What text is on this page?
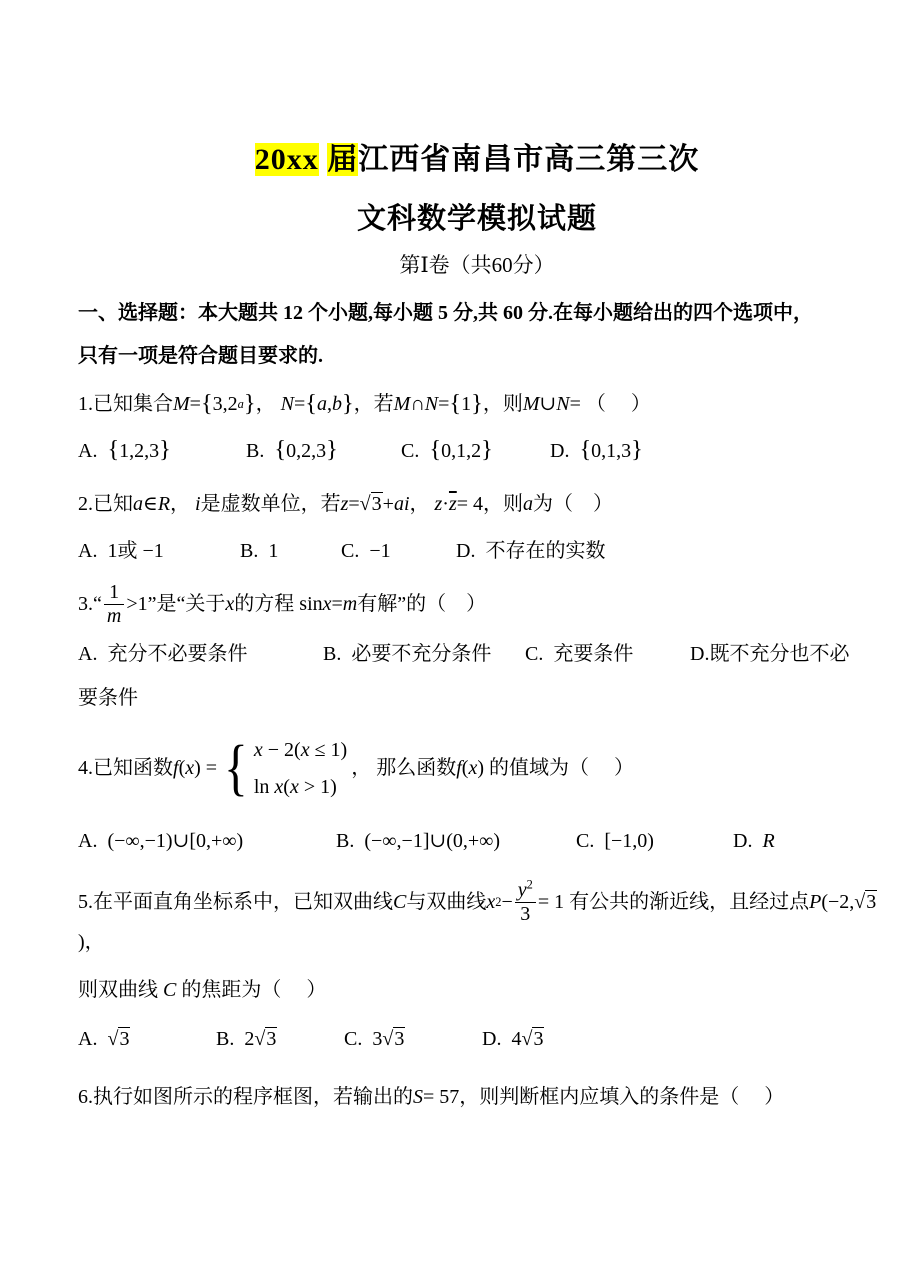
20xx 届江西省南昌市高三第三次
文科数学模拟试题
第Ⅰ卷（共60分）
一、选择题：本大题共 12 个小题,每小题 5 分,共 60 分.在每小题给出的四个选项中，
只有一项是符合题目要求的.
1.已知集合 M = { 3,2 a } ， N = { a , b } ，若 M ∩ N = { 1 } ，则 M ∪ N = （  ）
A. {1,2,3}	B. {0,2,3}	C. {0,1,2}	D. {0,1,3}
2.已知 a ∈ R ， i 是虚数单位，若 z = √3 + ai ， $z \cdot \overline{z} = 4$，则 a 为（ ）
A. 1或 −1	B. 1	C. −1	D. 不存在的实数
3.“
1
m
>1”是“关于 x 的方程 sin x = m 有解”的（ ）
A. 充分不必要条件	B. 必要不充分条件	C. 充要条件	D.既不充分也不必
要条件
4.已知函数 f ( x ) = { x − 2(x ≤ 1)
ln x(x > 1)
， 那么函数 f ( x ) 的值域为（  ）
A. (−∞,−1)∪[0,+∞)	B. (−∞,−1]∪(0,+∞)	C. [−1,0)	D. R
5.在平面直角坐标系中，已知双曲线 C 与双曲线 x 2 −
$y^2$
3
= 1 有公共的渐近线，且经过点 P (−2, √3
)，
则双曲线 C 的焦距为（  ）
A. √3	B. 2√3	C. 3√3	D. 4√3
6.执行如图所示的程序框图，若输出的 S = 57，则判断框内应填入的条件是（  ）
